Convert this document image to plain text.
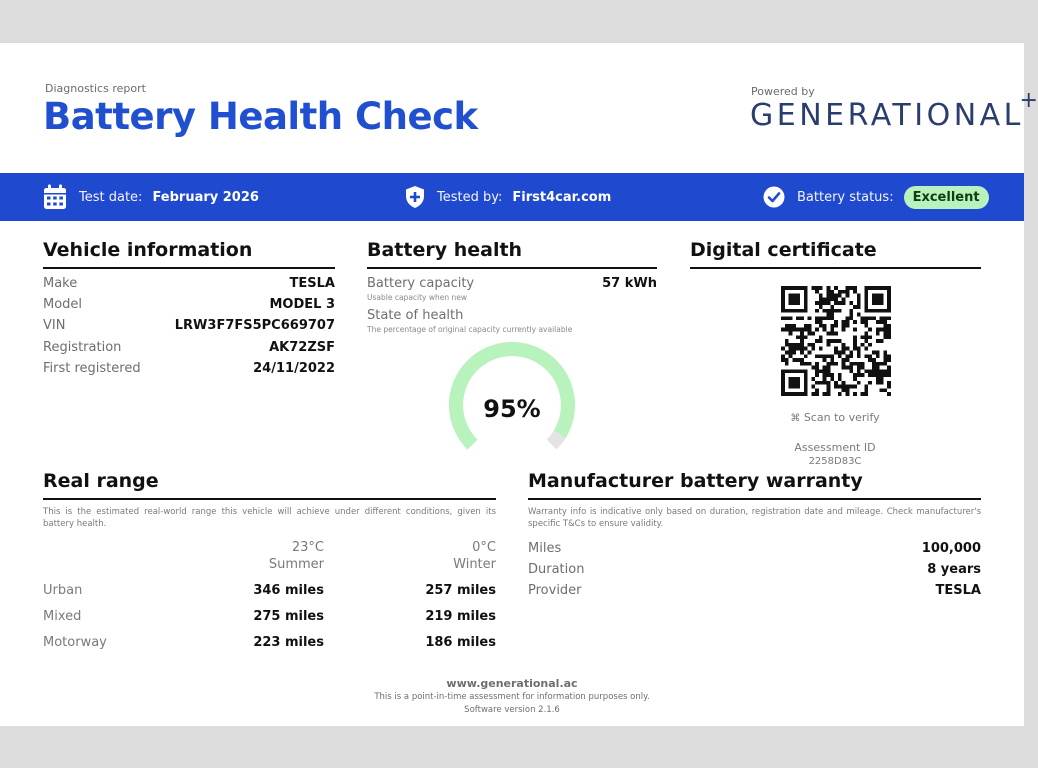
Diagnostics report
Battery Health Check
Powered by
GENERATIONAL
+
Test date: February 2026	Tested by: First4car.com	Battery status:	Excellent
Vehicle information
Make	TESLA
Model	MODEL 3
VIN	LRW3F7FS5PC669707
Registration	AK72ZSF
First registered	24/11/2022
Battery health
Battery capacity	57 kWh
Usable capacity when new
State of health
The percentage of original capacity currently available
95%
Digital certificate
⌘ Scan to verify
Assessment ID
2258D83C
Real range
This is the estimated real-world range this vehicle will achieve under different conditions, given its battery health.
23°C
Summer
0°C
Winter
Urban	346 miles	257 miles
Mixed	275 miles	219 miles
Motorway	223 miles	186 miles
Manufacturer battery warranty
Warranty info is indicative only based on duration, registration date and mileage. Check manufacturer's specific T&Cs to ensure validity.
Miles	100,000
Duration	8 years
Provider	TESLA
www.generational.ac
This is a point-in-time assessment for information purposes only.
Software version 2.1.6
